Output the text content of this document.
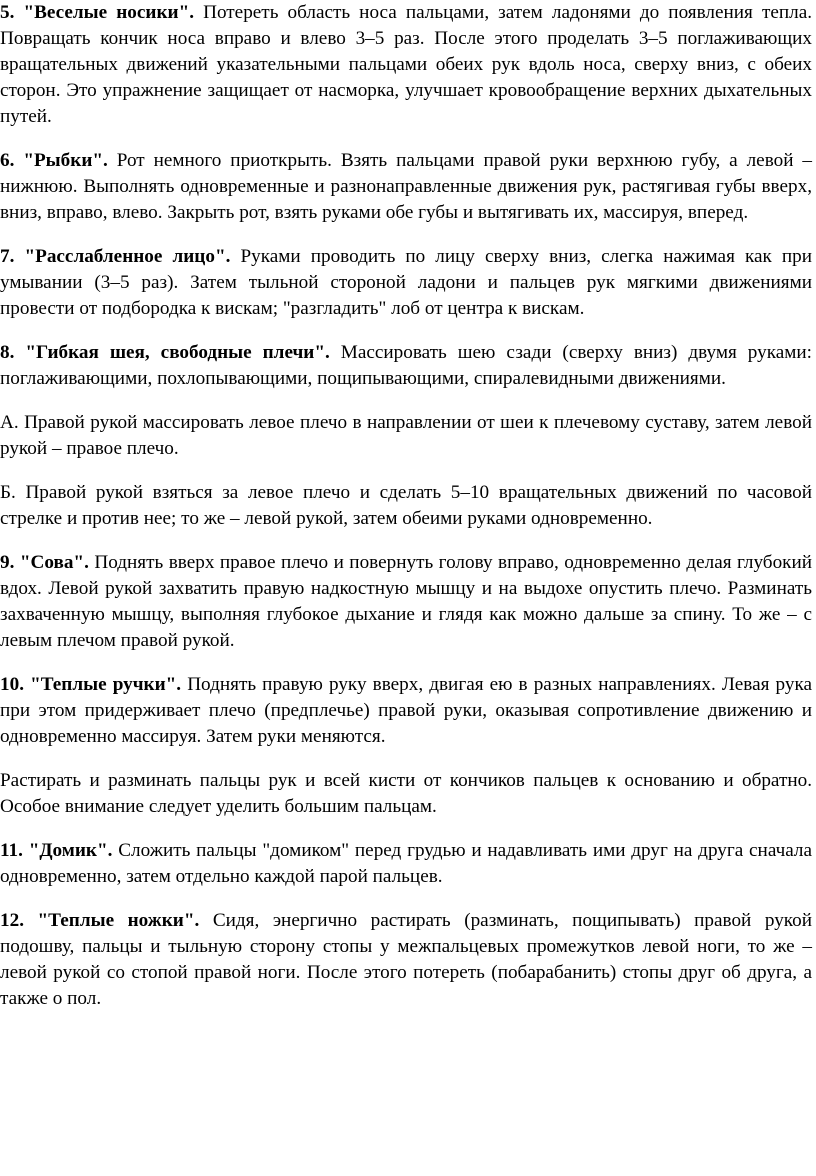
5. "Веселые носики". Потереть область носа пальцами, затем ладонями до появления тепла. Повращать кончик носа вправо и влево 3–5 раз. После этого проделать 3–5 поглаживающих вращательных движений указательными пальцами обеих рук вдоль носа, сверху вниз, с обеих сторон. Это упражнение защищает от насморка, улучшает кровообращение верхних дыхательных путей.

6. "Рыбки". Рот немного приоткрыть. Взять пальцами правой руки верхнюю губу, а левой – нижнюю. Выполнять одновременные и разнонаправленные движения рук, растягивая губы вверх, вниз, вправо, влево. Закрыть рот, взять руками обе губы и вытягивать их, массируя, вперед.

7. "Расслабленное лицо". Руками проводить по лицу сверху вниз, слегка нажимая как при умывании (3–5 раз). Затем тыльной стороной ладони и пальцев рук мягкими движениями провести от подбородка к вискам; "разгладить" лоб от центра к вискам.

8. "Гибкая шея, свободные плечи". Массировать шею сзади (сверху вниз) двумя руками: поглаживающими, похлопывающими, пощипывающими, спиралевидными движениями.

А. Правой рукой массировать левое плечо в направлении от шеи к плечевому суставу, затем левой рукой – правое плечо.

Б. Правой рукой взяться за левое плечо и сделать 5–10 вращательных движений по часовой стрелке и против нее; то же – левой рукой, затем обеими руками одновременно.

9. "Сова". Поднять вверх правое плечо и повернуть голову вправо, одновременно делая глубокий вдох. Левой рукой захватить правую надкостную мышцу и на выдохе опустить плечо. Разминать захваченную мышцу, выполняя глубокое дыхание и глядя как можно дальше за спину. То же – с левым плечом правой рукой.

10. "Теплые ручки". Поднять правую руку вверх, двигая ею в разных направлениях. Левая рука при этом придерживает плечо (предплечье) правой руки, оказывая сопротивление движению и одновременно массируя. Затем руки меняются.

Растирать и разминать пальцы рук и всей кисти от кончиков пальцев к основанию и обратно. Особое внимание следует уделить большим пальцам.

11. "Домик". Сложить пальцы "домиком" перед грудью и надавливать ими друг на друга сначала одновременно, затем отдельно каждой парой пальцев.

12. "Теплые ножки". Сидя, энергично растирать (разминать, пощипывать) правой рукой подошву, пальцы и тыльную сторону стопы у межпальцевых промежутков левой ноги, то же – левой рукой со стопой правой ноги. После этого потереть (побарабанить) стопы друг об друга, а также о пол.
